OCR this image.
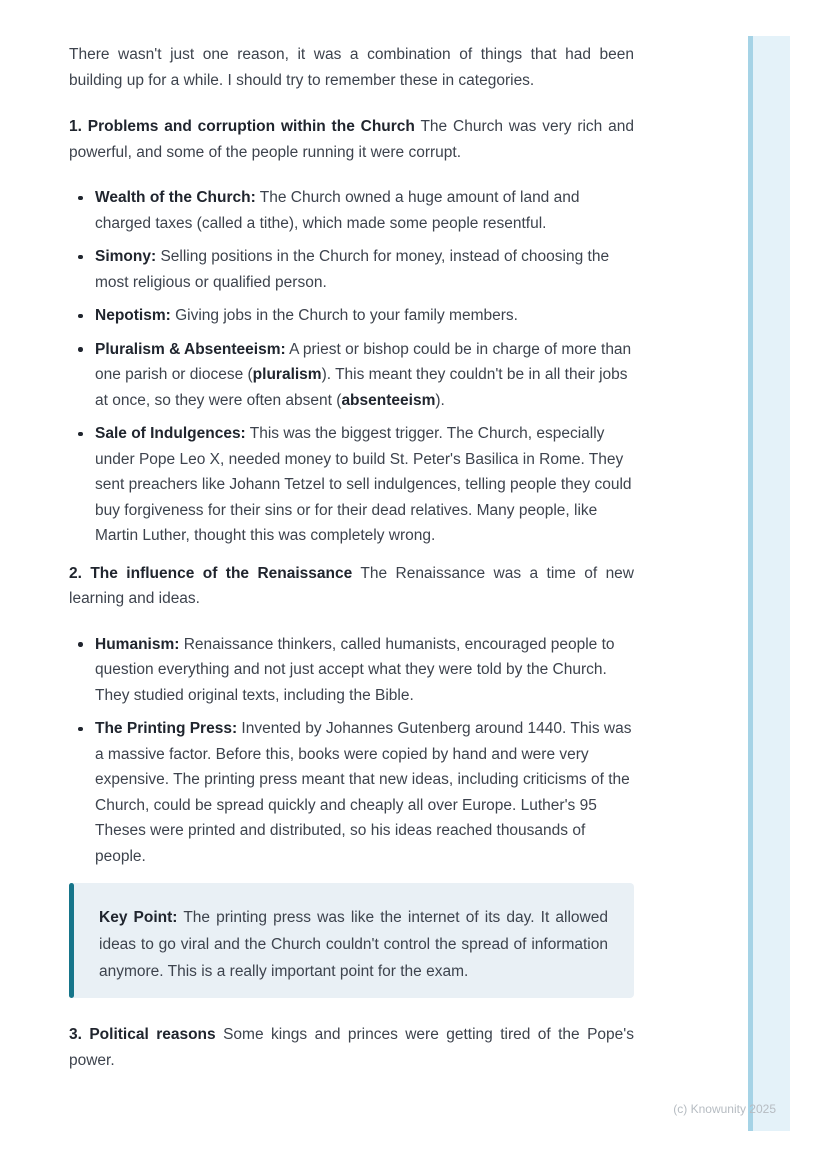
There wasn't just one reason, it was a combination of things that had been building up for a while. I should try to remember these in categories.

1. Problems and corruption within the Church The Church was very rich and powerful, and some of the people running it were corrupt.

Wealth of the Church: The Church owned a huge amount of land and charged taxes (called a tithe), which made some people resentful.
Simony: Selling positions in the Church for money, instead of choosing the most religious or qualified person.
Nepotism: Giving jobs in the Church to your family members.
Pluralism & Absenteeism: A priest or bishop could be in charge of more than one parish or diocese (pluralism). This meant they couldn't be in all their jobs at once, so they were often absent (absenteeism).
Sale of Indulgences: This was the biggest trigger. The Church, especially under Pope Leo X, needed money to build St. Peter's Basilica in Rome. They sent preachers like Johann Tetzel to sell indulgences, telling people they could buy forgiveness for their sins or for their dead relatives. Many people, like Martin Luther, thought this was completely wrong.

2. The influence of the Renaissance The Renaissance was a time of new learning and ideas.

Humanism: Renaissance thinkers, called humanists, encouraged people to question everything and not just accept what they were told by the Church. They studied original texts, including the Bible.
The Printing Press: Invented by Johannes Gutenberg around 1440. This was a massive factor. Before this, books were copied by hand and were very expensive. The printing press meant that new ideas, including criticisms of the Church, could be spread quickly and cheaply all over Europe. Luther's 95 Theses were printed and distributed, so his ideas reached thousands of people.

Key Point: The printing press was like the internet of its day. It allowed ideas to go viral and the Church couldn't control the spread of information anymore. This is a really important point for the exam.

3. Political reasons Some kings and princes were getting tired of the Pope's power.

(c) Knowunity 2025
